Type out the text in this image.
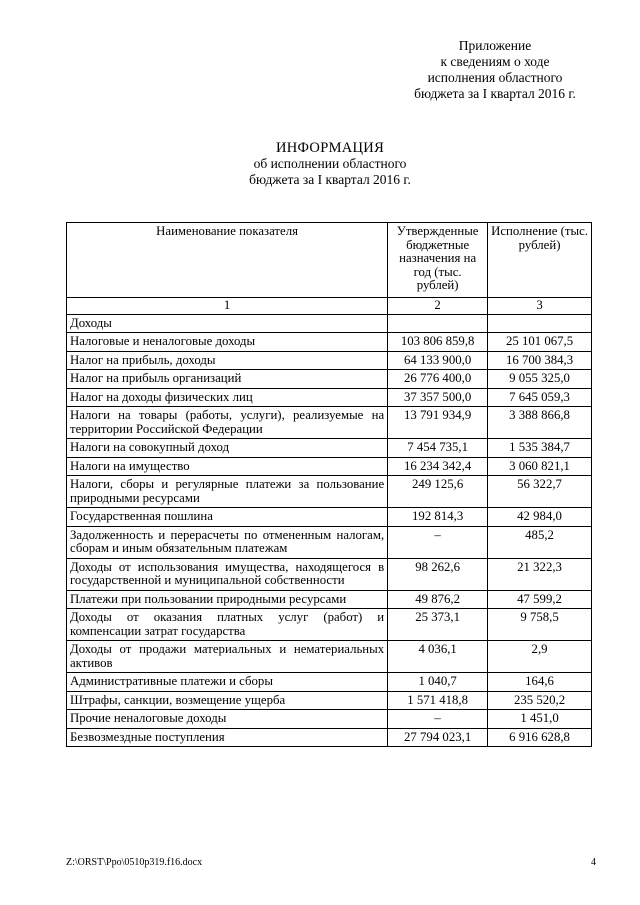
Приложение
к сведениям о ходе
исполнения областного
бюджета за I квартал 2016 г.
ИНФОРМАЦИЯ
об исполнении областного
бюджета за I квартал 2016 г.
Наименование показателя	Утвержденные бюджетные назначения на год (тыс. рублей)	Исполнение (тыс. рублей)
1	2	3
Доходы		
Налоговые и неналоговые доходы	103 806 859,8	25 101 067,5
Налог на прибыль, доходы	64 133 900,0	16 700 384,3
Налог на прибыль организаций	26 776 400,0	9 055 325,0
Налог на доходы физических лиц	37 357 500,0	7 645 059,3
Налоги на товары (работы, услуги), реализуемые на территории Российской Федерации	13 791 934,9	3 388 866,8
Налоги на совокупный доход	7 454 735,1	1 535 384,7
Налоги на имущество	16 234 342,4	3 060 821,1
Налоги, сборы и регулярные платежи за пользование природными ресурсами	249 125,6	56 322,7
Государственная пошлина	192 814,3	42 984,0
Задолженность и перерасчеты по отмененным налогам, сборам и иным обязательным платежам	–	485,2
Доходы от использования имущества, находящегося в государственной и муниципальной собственности	98 262,6	21 322,3
Платежи при пользовании природными ресурсами	49 876,2	47 599,2
Доходы от оказания платных услуг (работ) и компенсации затрат государства	25 373,1	9 758,5
Доходы от продажи материальных и нематериальных активов	4 036,1	2,9
Административные платежи и сборы	1 040,7	164,6
Штрафы, санкции, возмещение ущерба	1 571 418,8	235 520,2
Прочие неналоговые доходы	–	1 451,0
Безвозмездные поступления	27 794 023,1	6 916 628,8
Z:\ORST\Ppo\0510p319.f16.docx	4
